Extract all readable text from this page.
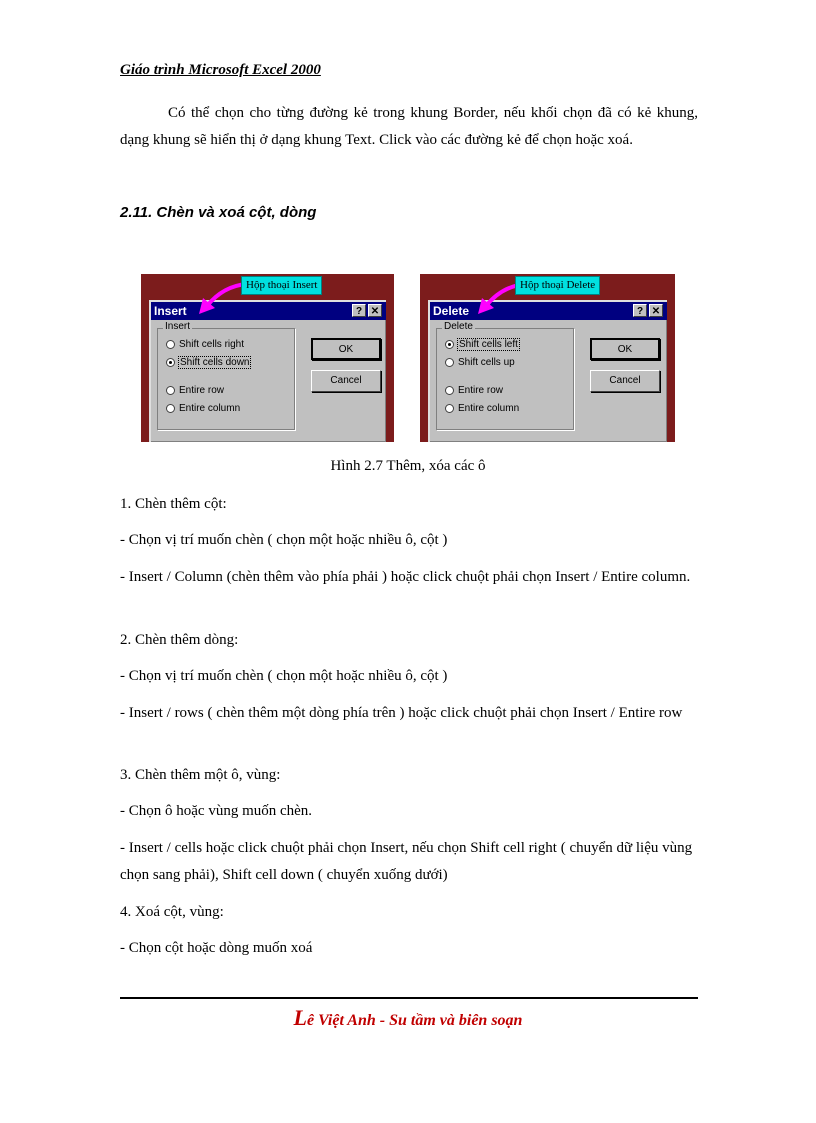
Giáo trình Microsoft Excel 2000
Có thể chọn cho từng đường kẻ trong khung Border, nếu khối chọn đã có kẻ khung, dạng khung sẽ hiển thị ở dạng khung Text. Click vào các đường kẻ để chọn hoặc xoá.
2.11. Chèn và xoá cột, dòng
Insert	? ✕
Insert
Shift cells right
Shift cells down
Entire row
Entire column
OK
Cancel
Hộp thoại Insert
Delete	? ✕
Delete
Shift cells left
Shift cells up
Entire row
Entire column
OK
Cancel
Hộp thoại Delete
Hình 2.7 Thêm, xóa các ô
1. Chèn thêm cột:
- Chọn vị trí muốn chèn ( chọn một hoặc nhiều ô, cột )
- Insert / Column (chèn thêm vào phía phải ) hoặc click chuột phải chọn Insert / Entire column.
2. Chèn thêm dòng:
- Chọn vị trí muốn chèn ( chọn một hoặc nhiều ô, cột )
- Insert / rows ( chèn thêm một dòng phía trên ) hoặc click chuột phải chọn Insert / Entire row
3. Chèn thêm một ô, vùng:
- Chọn ô hoặc vùng muốn chèn.
- Insert / cells hoặc click chuột phải chọn Insert, nếu chọn Shift cell right ( chuyển dữ liệu vùng chọn sang phải), Shift cell down ( chuyển xuống dưới)
4. Xoá cột, vùng:
- Chọn cột hoặc dòng muốn xoá
Lê Việt Anh - Su tầm và biên soạn
